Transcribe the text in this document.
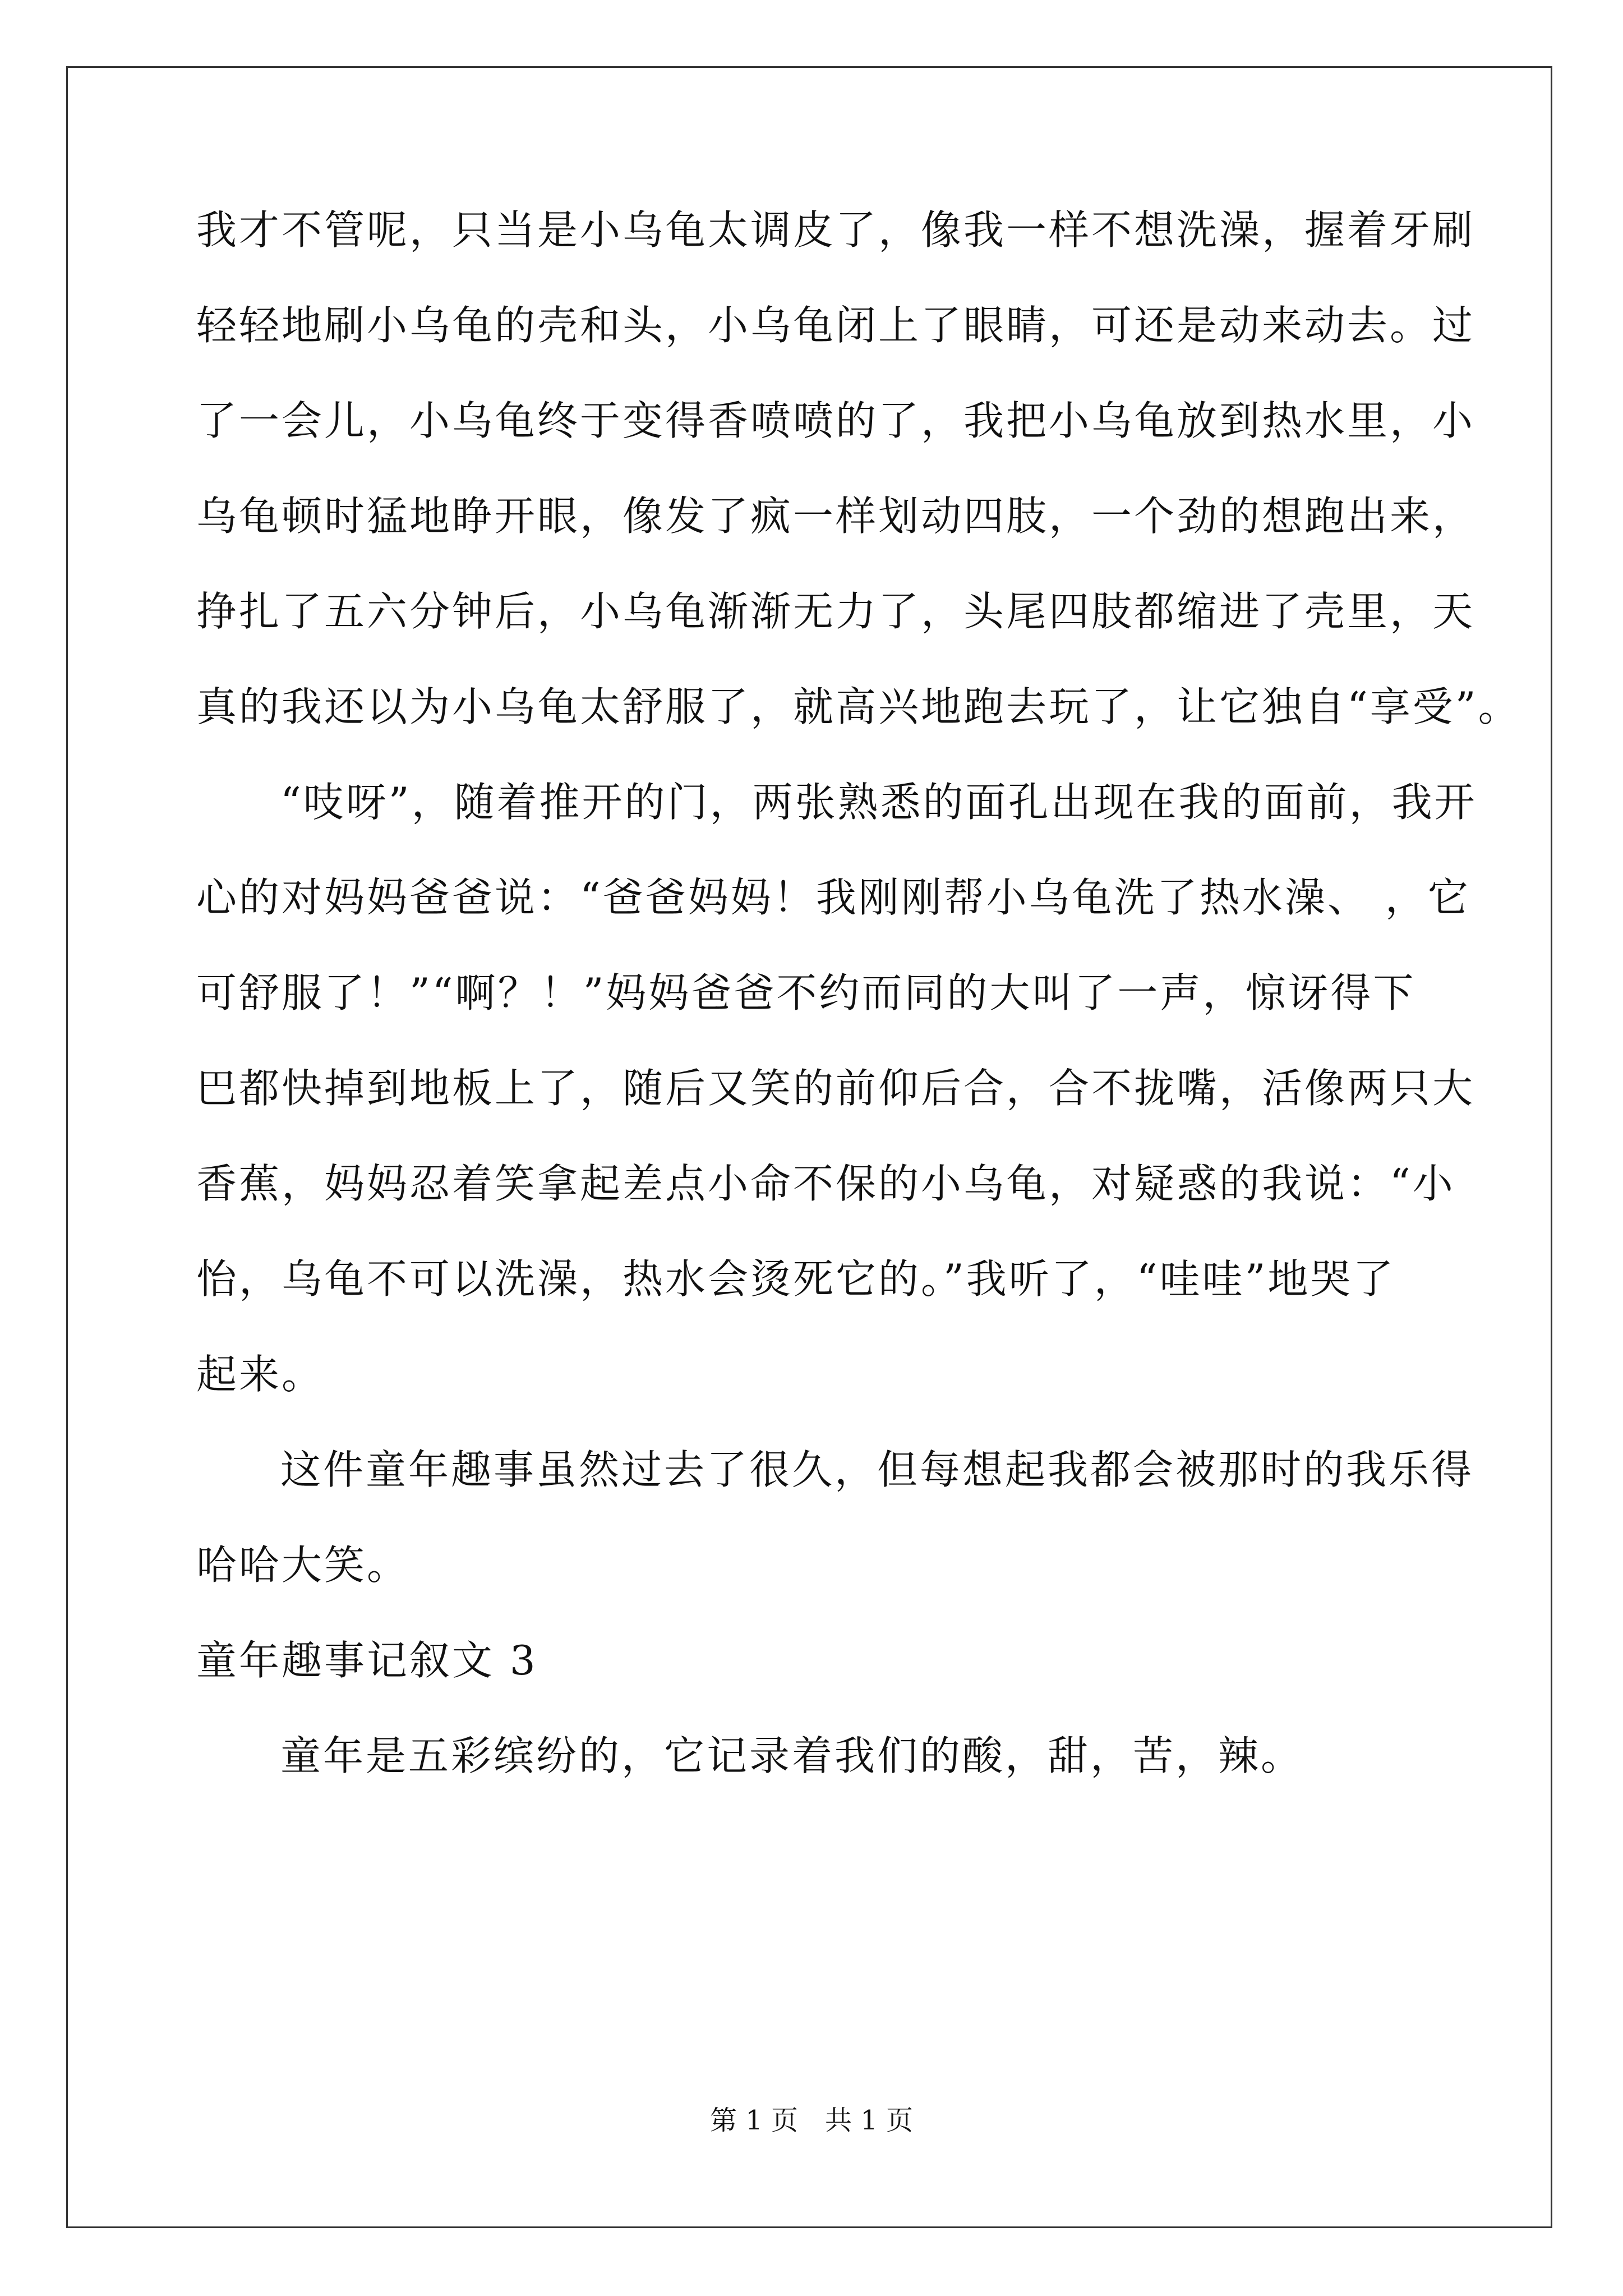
我才不管呢，只当是小乌龟太调皮了，像我一样不想洗澡，握着牙刷
轻轻地刷小乌龟的壳和头，小乌龟闭上了眼睛，可还是动来动去。过
了一会儿，小乌龟终于变得香喷喷的了，我把小乌龟放到热水里，小
乌龟顿时猛地睁开眼，像发了疯一样划动四肢，一个劲的想跑出来，
挣扎了五六分钟后，小乌龟渐渐无力了，头尾四肢都缩进了壳里，天
真的我还以为小乌龟太舒服了，就高兴地跑去玩了，让它独自“享受”。
“吱呀”，随着推开的门，两张熟悉的面孔出现在我的面前，我开
心的对妈妈爸爸说：“爸爸妈妈！我刚刚帮小乌龟洗了热水澡、 ，它
可舒服了！”“啊？！”妈妈爸爸不约而同的大叫了一声，惊讶得下
巴都快掉到地板上了，随后又笑的前仰后合，合不拢嘴，活像两只大
香蕉，妈妈忍着笑拿起差点小命不保的小乌龟，对疑惑的我说：“小
怡，乌龟不可以洗澡，热水会烫死它的。”我听了，“哇哇”地哭了
起来。
这件童年趣事虽然过去了很久，但每想起我都会被那时的我乐得
哈哈大笑。
童年趣事记叙文 3
童年是五彩缤纷的，它记录着我们的酸，甜，苦，辣。
第 1 页　共 1 页
